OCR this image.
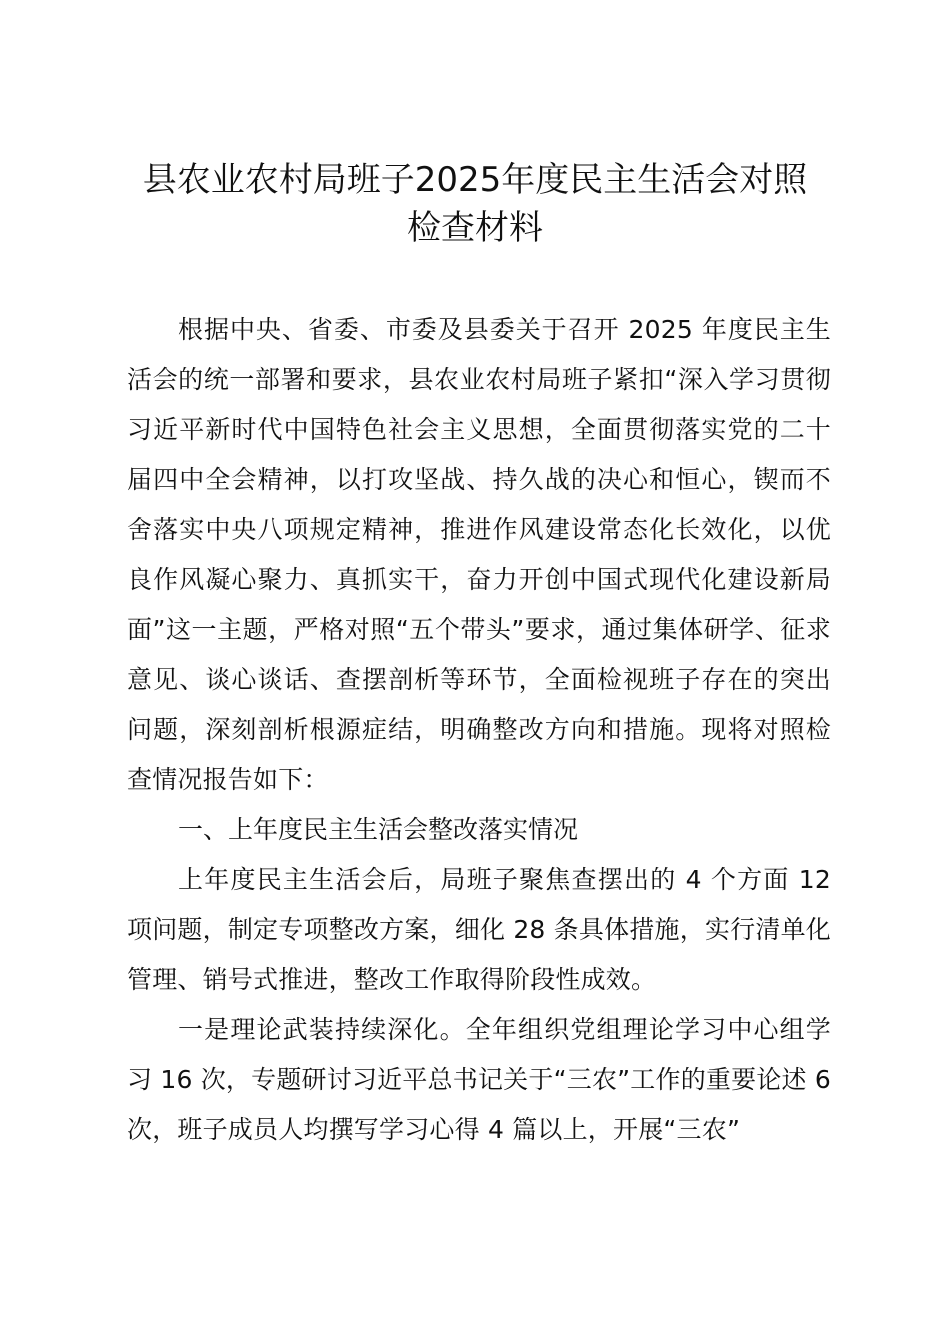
县农业农村局班子2025年度民主生活会对照
检查材料

根据中央、省委、市委及县委关于召开 2025 年度民主生活会的统一部署和要求，县农业农村局班子紧扣“深入学习贯彻习近平新时代中国特色社会主义思想，全面贯彻落实党的二十届四中全会精神，以打攻坚战、持久战的决心和恒心，锲而不舍落实中央八项规定精神，推进作风建设常态化长效化，以优良作风凝心聚力、真抓实干，奋力开创中国式现代化建设新局面”这一主题，严格对照“五个带头”要求，通过集体研学、征求意见、谈心谈话、查摆剖析等环节，全面检视班子存在的突出问题，深刻剖析根源症结，明确整改方向和措施。现将对照检查情况报告如下：

一、上年度民主生活会整改落实情况

上年度民主生活会后，局班子聚焦查摆出的 4 个方面 12 项问题，制定专项整改方案，细化 28 条具体措施，实行清单化管理、销号式推进，整改工作取得阶段性成效。

一是理论武装持续深化。全年组织党组理论学习中心组学习 16 次，专题研讨习近平总书记关于“三农”工作的重要论述 6 次，班子成员人均撰写学习心得 4 篇以上，开展“三农”
